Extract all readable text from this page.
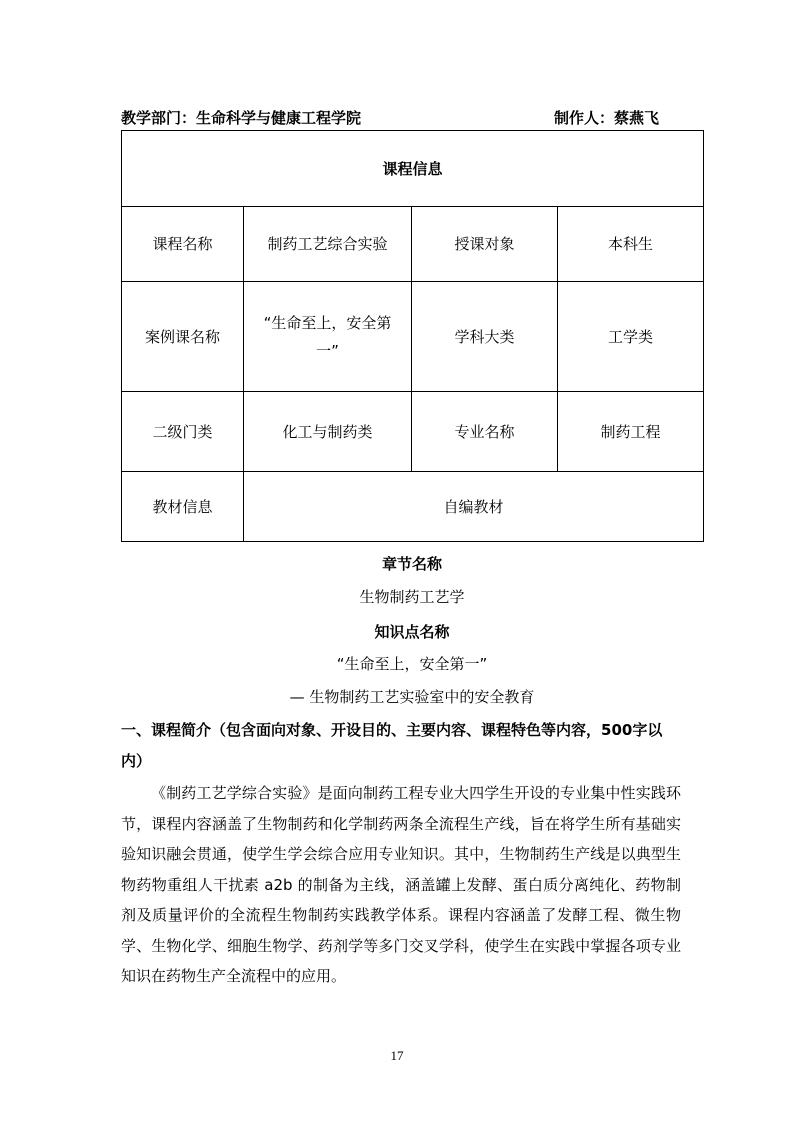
教学部门：生命科学与健康工程学院	制作人：蔡燕飞
课程信息			
课程名称	制药工艺综合实验	授课对象	本科生
案例课名称	“生命至上，安全第一”	学科大类	工学类
二级门类	化工与制药类	专业名称	制药工程
教材信息	自编教材		
章节名称
生物制药工艺学
知识点名称
“生命至上，安全第一”
— 生物制药工艺实验室中的安全教育
一、课程简介（包含面向对象、开设目的、主要内容、课程特色等内容，500字以内）

《制药工艺学综合实验》是面向制药工程专业大四学生开设的专业集中性实践环节，课程内容涵盖了生物制药和化学制药两条全流程生产线，旨在将学生所有基础实验知识融会贯通，使学生学会综合应用专业知识。其中，生物制药生产线是以典型生物药物重组人干扰素 a2b 的制备为主线，涵盖罐上发酵、蛋白质分离纯化、药物制剂及质量评价的全流程生物制药实践教学体系。课程内容涵盖了发酵工程、微生物学、生物化学、细胞生物学、药剂学等多门交叉学科，使学生在实践中掌握各项专业知识在药物生产全流程中的应用。

17
